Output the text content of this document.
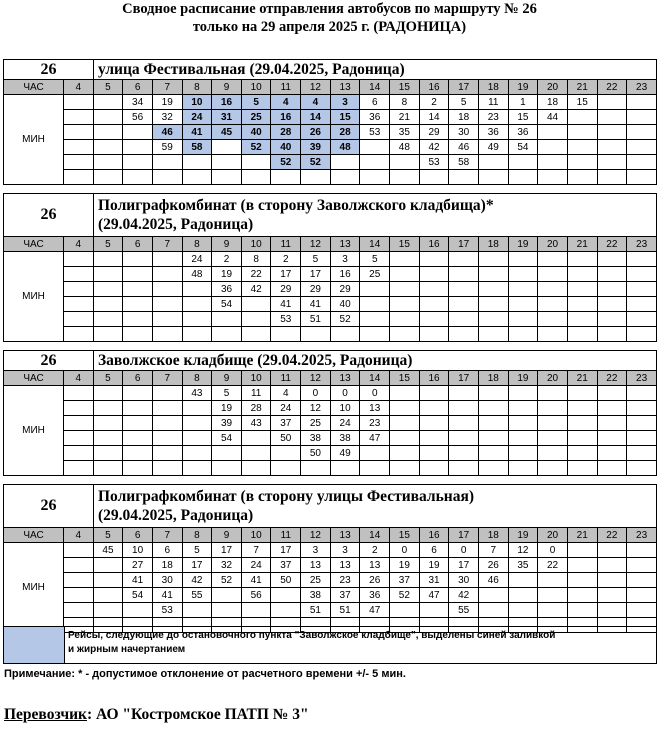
Сводное расписание отправления автобусов по маршруту № 26
только на 29 апреля 2025 г. (РАДОНИЦА)
26	улица Фестивальная (29.04.2025, Радоница)
ЧАС	4	5	6	7	8	9	10	11	12	13	14	15	16	17	18	19	20	21	22	23
МИН			34	19	10	16	5	4	4	3	6	8	2	5	11	1	18	15		
			56	32	24	31	25	16	14	15	36	21	14	18	23	15	44			
				46	41	45	40	28	26	28	53	35	29	30	36	36				
				59	58		52	40	39	48		48	42	46	49	54				
								52	52				53	58						

26
Полиграфкомбинат (в сторону Заволжского кладбища)*
(29.04.2025, Радоница)
ЧАС	4	5	6	7	8	9	10	11	12	13	14	15	16	17	18	19	20	21	22	23
МИН					24	2	8	2	5	3	5									
					48	19	22	17	17	16	25									
						36	42	29	29	29										
						54		41	41	40										
								53	51	52										

26	Заволжское кладбище (29.04.2025, Радоница)
ЧАС	4	5	6	7	8	9	10	11	12	13	14	15	16	17	18	19	20	21	22	23
МИН					43	5	11	4	0	0	0									
						19	28	24	12	10	13									
						39	43	37	25	24	23									
						54		50	38	38	47									
									50	49										

26
Полиграфкомбинат (в сторону улицы Фестивальная)
(29.04.2025, Радоница)
ЧАС	4	5	6	7	8	9	10	11	12	13	14	15	16	17	18	19	20	21	22	23
МИН		45	10	6	5	17	7	17	3	3	2	0	6	0	7	12	0			
			27	18	17	32	24	37	13	13	13	19	19	17	26	35	22			
			41	30	42	52	41	50	25	23	26	37	31	30	46					
			54	41	55		56		38	37	36	52	47	42						
				53					51	51	47			55						

Рейсы, следующие до остановочного пункта "Заволжское кладбище", выделены синей заливкой
и жирным начертанием
Примечание: * - допустимое отклонение от расчетного времени +/- 5 мин.
Перевозчик: АО "Костромское ПАТП № 3"
